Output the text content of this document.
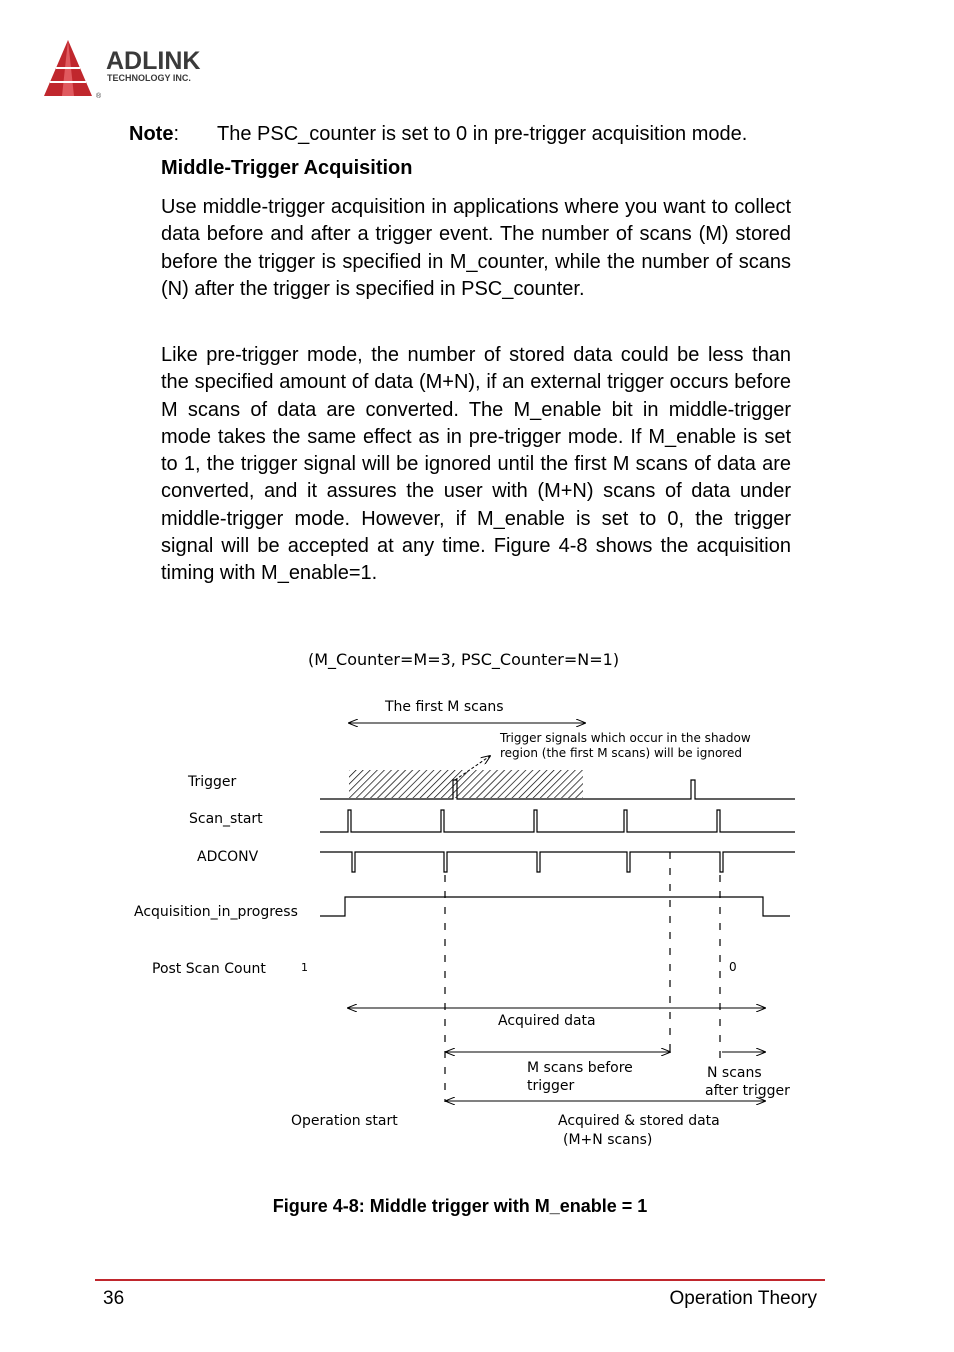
ADLINK
TECHNOLOGY INC.
®
Note: The PSC_counter is set to 0 in pre-trigger acquisition mode.
Middle-Trigger Acquisition

Use middle-trigger acquisition in applications where you want to collect data before and after a trigger event. The number of scans (M) stored before the trigger is specified in M_counter, while the number of scans (N) after the trigger is specified in PSC_counter.

Like pre-trigger mode, the number of stored data could be less than the specified amount of data (M+N), if an external trigger occurs before M scans of data are converted. The M_enable bit in middle-trigger mode takes the same effect as in pre-trigger mode. If M_enable is set to 1, the trigger signal will be ignored until the first M scans of data are converted, and it assures the user with (M+N) scans of data under middle-trigger mode. However, if M_enable is set to 0, the trigger signal will be accepted at any time. Figure 4-8 shows the acquisition timing with M_enable=1.

(M_Counter=M=3, PSC_Counter=N=1)
The first M scans
Trigger signals which occur in the shadow
region (the first M scans) will be ignored
Trigger
Scan_start
ADCONV
Acquisition_in_progress
Post Scan Count	1	0
Acquired data
M scans before
trigger
N scans
after trigger
Operation start	Acquired & stored data
(M+N scans)
Figure 4-8: Middle trigger with M_enable = 1
36	Operation Theory
